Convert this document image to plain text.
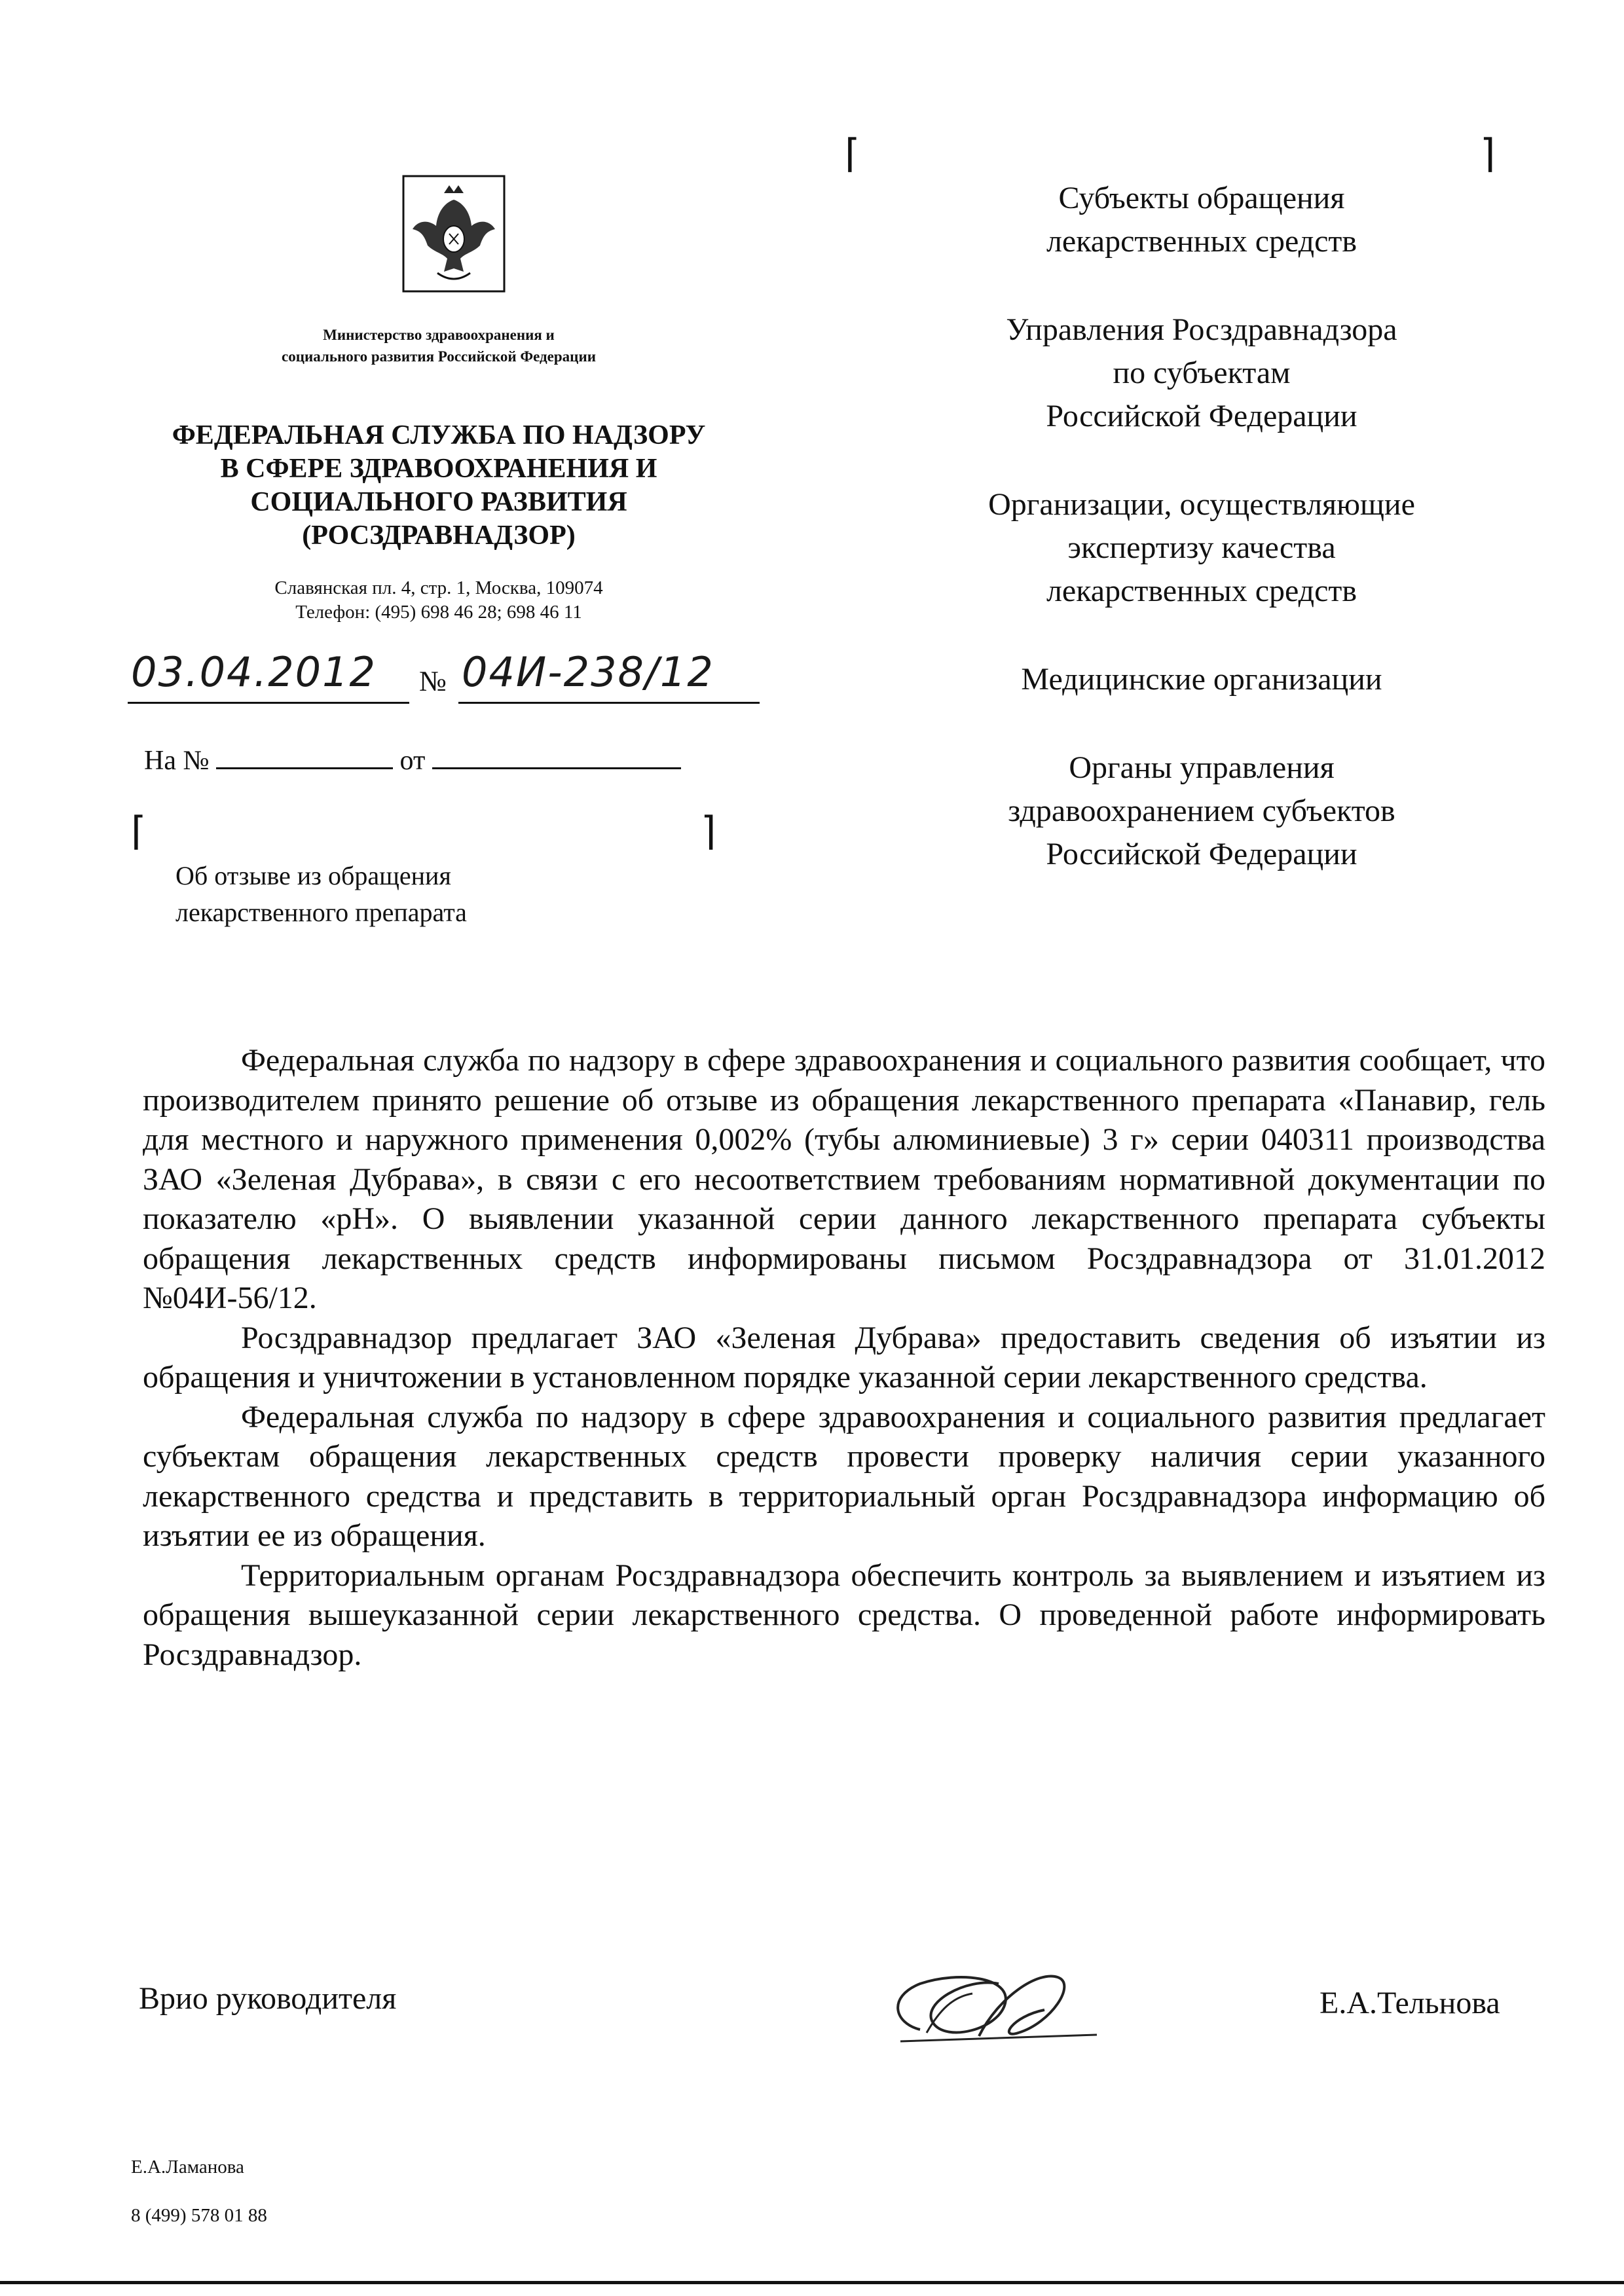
Министерство здравоохранения и
социального развития Российской Федерации
ФЕДЕРАЛЬНАЯ СЛУЖБА ПО НАДЗОРУ
В СФЕРЕ ЗДРАВООХРАНЕНИЯ И
СОЦИАЛЬНОГО РАЗВИТИЯ
(РОСЗДРАВНАДЗОР)
Славянская пл. 4, стр. 1, Москва, 109074
Телефон: (495) 698 46 28; 698 46 11
03.04.2012 № 04И-238/12
На №	от
⌈	⌉
⌈	⌉
Об отзыве из обращения
лекарственного препарата
Субъекты обращения
лекарственных средств
Управления Росздравнадзора
по субъектам
Российской Федерации
Организации, осуществляющие
экспертизу качества
лекарственных средств
Медицинские организации
Органы управления
здравоохранением субъектов
Российской Федерации

Федеральная служба по надзору в сфере здравоохранения и социального развития сообщает, что производителем принято решение об отзыве из обращения лекарственного препарата «Панавир, гель для местного и наружного применения 0,002% (тубы алюминиевые) 3 г» серии 040311 производства ЗАО «Зеленая Дубрава», в связи с его несоответствием требованиям нормативной документации по показателю «pH». О выявлении указанной серии данного лекарственного препарата субъекты обращения лекарственных средств информированы письмом Росздравнадзора от 31.01.2012 №04И-56/12.

Росздравнадзор предлагает ЗАО «Зеленая Дубрава» предоставить сведения об изъятии из обращения и уничтожении в установленном порядке указанной серии лекарственного средства.

Федеральная служба по надзору в сфере здравоохранения и социального развития предлагает субъектам обращения лекарственных средств провести проверку наличия серии указанного лекарственного средства и представить в территориальный орган Росздравнадзора информацию об изъятии ее из обращения.

Территориальным органам Росздравнадзора обеспечить контроль за выявлением и изъятием из обращения вышеуказанной серии лекарственного средства. О проведенной работе информировать Росздравнадзор.

Врио руководителя	Е.А.Тельнова

Е.А.Ламанова

8 (499) 578 01 88
